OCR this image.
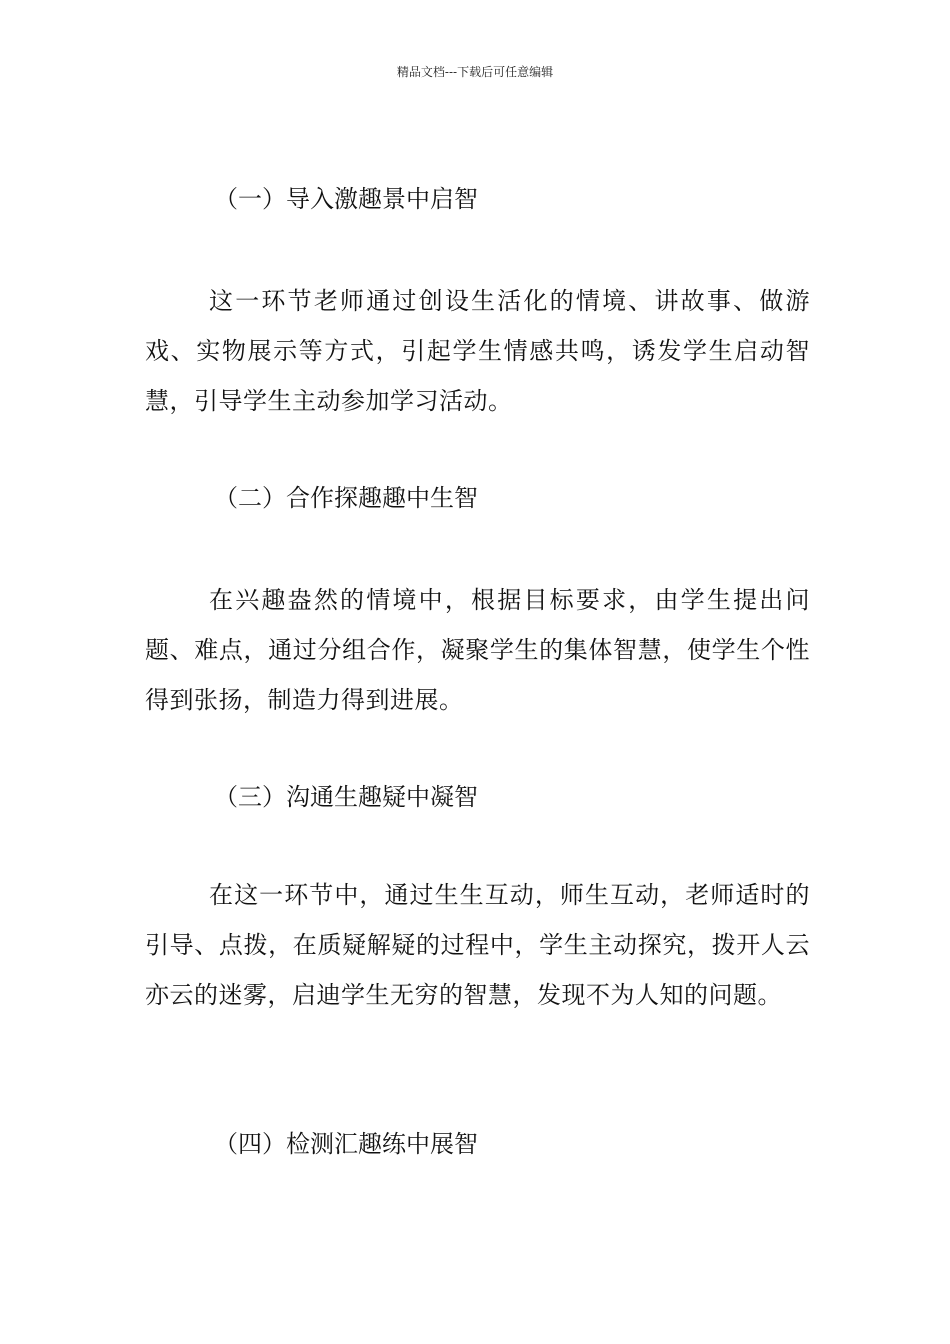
精品文档---下载后可任意编辑
（一）导入激趣景中启智
这一环节老师通过创设生活化的情境、讲故事、做游戏、实物展示等方式，引起学生情感共鸣，诱发学生启动智慧，引导学生主动参加学习活动。
（二）合作探趣趣中生智
在兴趣盎然的情境中，根据目标要求，由学生提出问题、难点，通过分组合作，凝聚学生的集体智慧，使学生个性得到张扬，制造力得到进展。
（三）沟通生趣疑中凝智
在这一环节中，通过生生互动，师生互动，老师适时的引导、点拨，在质疑解疑的过程中，学生主动探究，拨开人云亦云的迷雾，启迪学生无穷的智慧，发现不为人知的问题。
（四）检测汇趣练中展智
